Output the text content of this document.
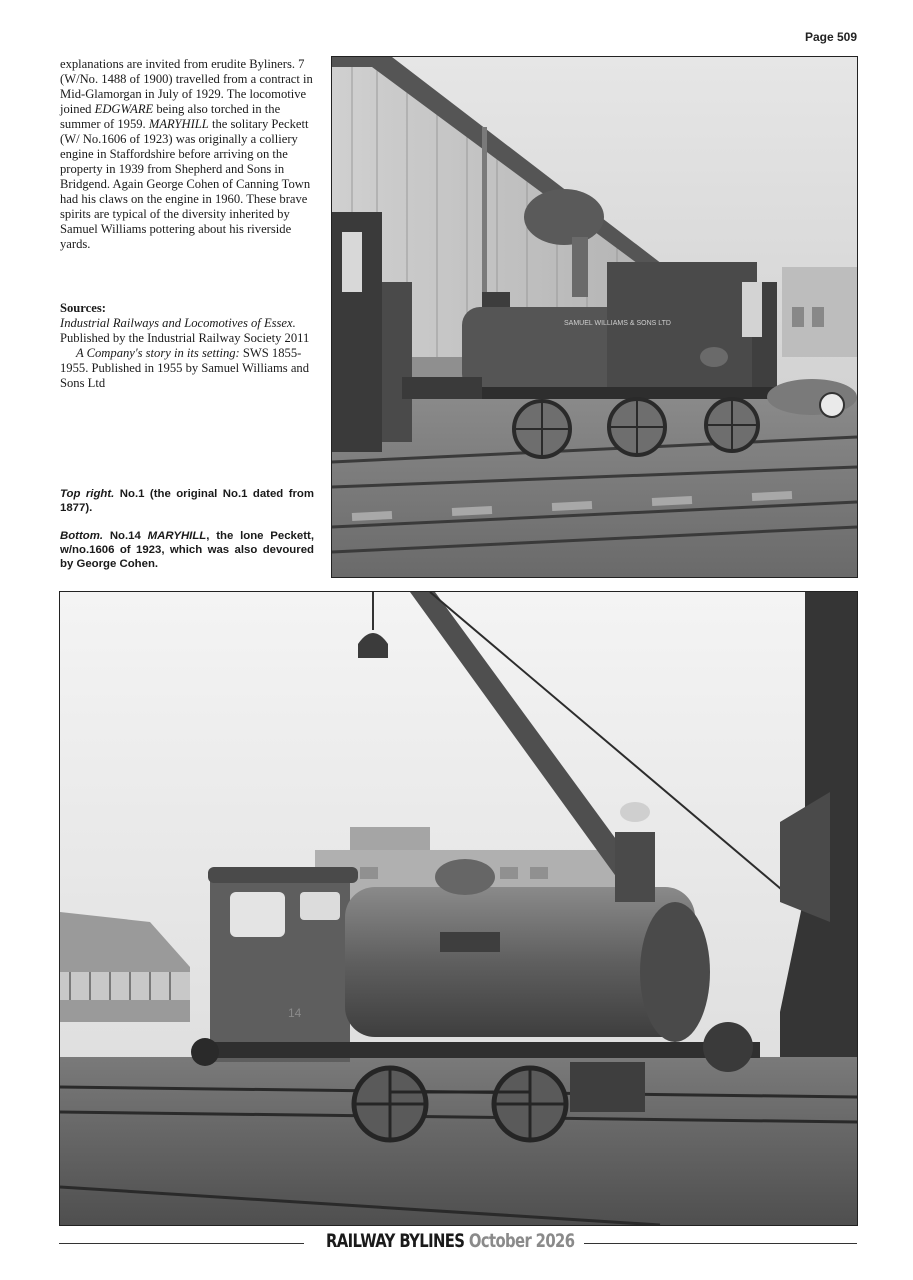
Page 509

explanations are invited from erudite Byliners. 7 (W/No. 1488 of 1900) travelled from a contract in Mid-Glamorgan in July of 1929. The locomotive joined EDGWARE being also torched in the summer of 1959. MARYHILL the solitary Peckett (W/ No.1606 of 1923) was originally a colliery engine in Staffordshire before arriving on the property in 1939 from Shepherd and Sons in Bridgend. Again George Cohen of Canning Town had his claws on the engine in 1960. These brave spirits are typical of the diversity inherited by Samuel Williams pottering about his riverside yards.

Sources:

Industrial Railways and Locomotives of Essex. Published by the Industrial Railway Society 2011

A Company's story in its setting: SWS 1855-1955. Published in 1955 by Samuel Williams and Sons Ltd

Top right. No.1 (the original No.1 dated from 1877).

Bottom. No.14 MARYHILL, the lone Peckett, w/no.1606 of 1923, which was also devoured by George Cohen.

SAMUEL WILLIAMS & SONS LTD
14
RAILWAY BYLINES October 2026
